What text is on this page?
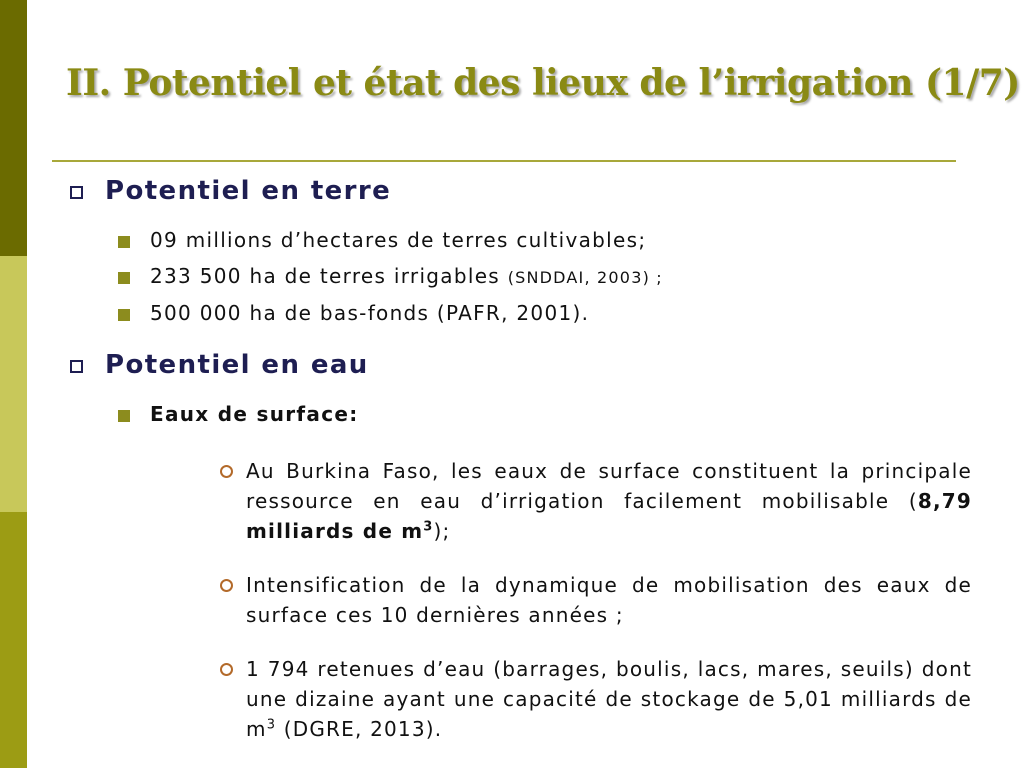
II. Potentiel et état des lieux de l’irrigation (1/7)
Potentiel en terre
09 millions d’hectares de terres cultivables;
233 500 ha de terres irrigables (SNDDAI, 2003) ;
500 000 ha de bas-fonds (PAFR, 2001).
Potentiel en eau
Eaux de surface:
Au Burkina Faso, les eaux de surface constituent la principale ressource en eau d’irrigation facilement mobilisable (8,79 milliards de $m^3$);
Intensification de la dynamique de mobilisation des eaux de surface ces 10 dernières années ;
1 794 retenues d’eau (barrages, boulis, lacs, mares, seuils) dont une dizaine ayant une capacité de stockage de 5,01 milliards de $m^3$ (DGRE, 2013).
